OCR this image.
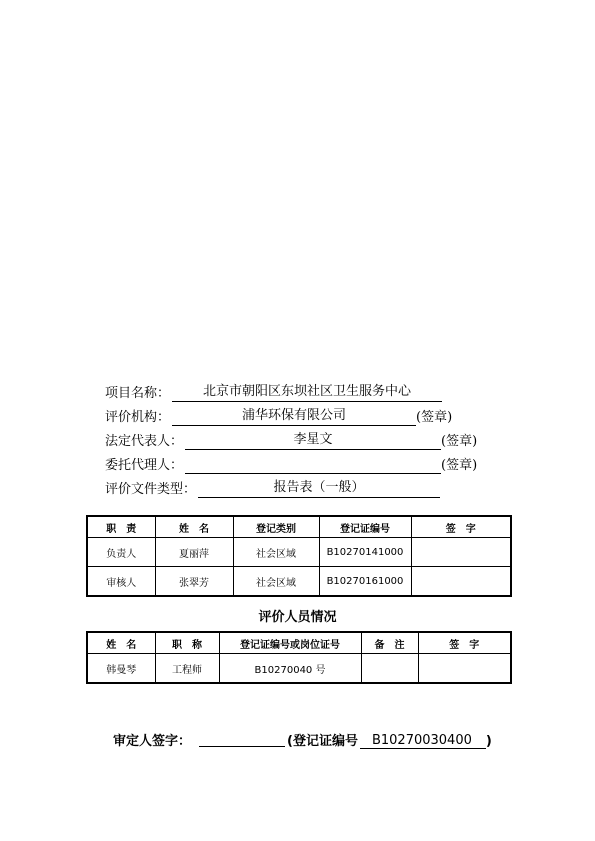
项目名称：	北京市朝阳区东坝社区卫生服务中心
评价机构：	浦华环保有限公司	(签章)
法定代表人：	李星文	(签章)
委托代理人：	(签章)
评价文件类型：	报告表（一般）
职　责	姓　名	登记类别	登记证编号	签　字
负责人	夏丽萍	社会区域	B10270141000	
审核人	张翠芳	社会区域	B10270161000	
评价人员情况
姓　名	职　称	登记证编号或岗位证号	备　注	签　字
韩曼琴	工程师	B10270040 号		
审定人签字：	(登记证编号	B10270030400	)
